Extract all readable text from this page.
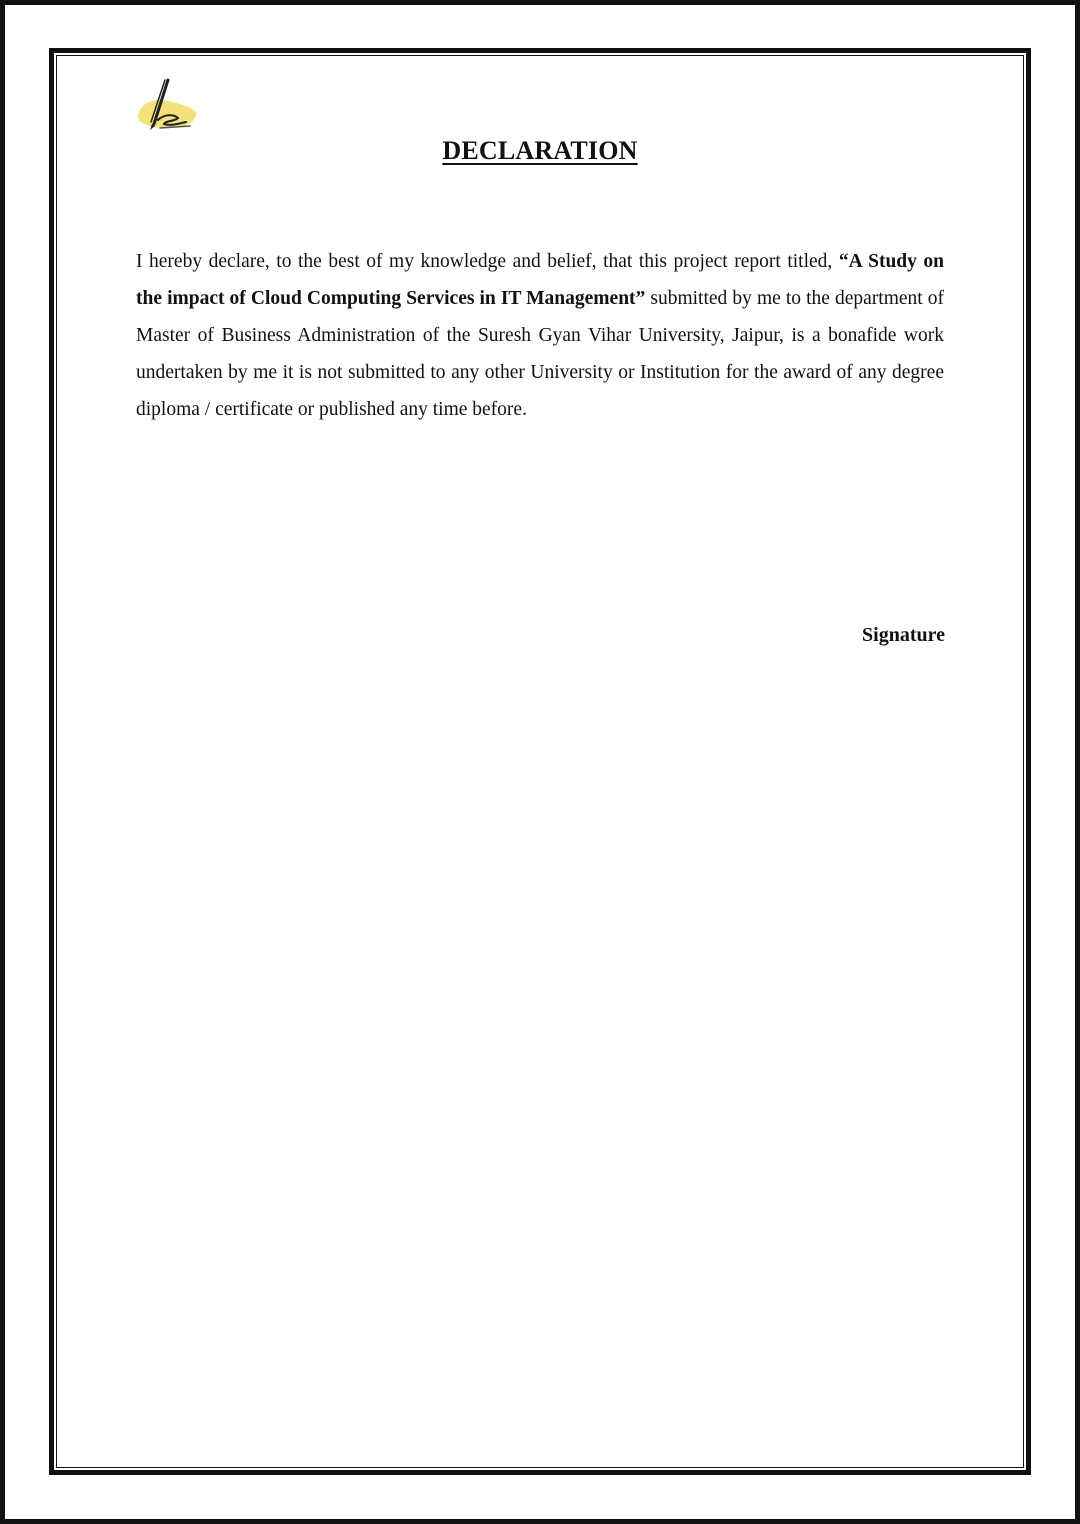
DECLARATION

I hereby declare, to the best of my knowledge and belief, that this project report titled, “A Study on the impact of Cloud Computing Services in IT Management” submitted by me to the department of Master of Business Administration of the Suresh Gyan Vihar University, Jaipur, is a bonafide work undertaken by me it is not submitted to any other University or Institution for the award of any degree diploma / certificate or published any time before.

Signature
